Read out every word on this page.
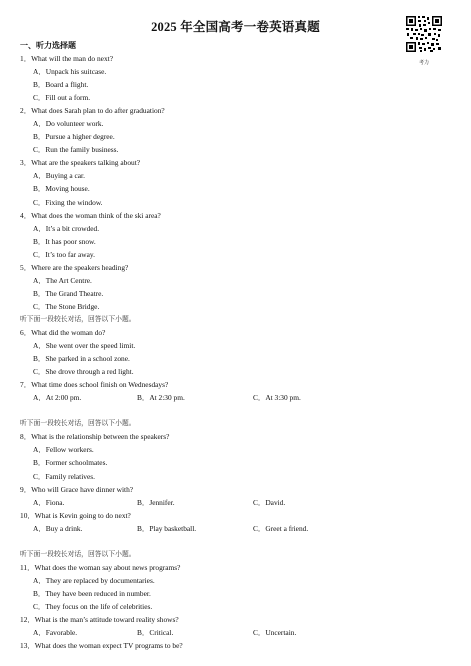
2025 年全国高考一卷英语真题
一、听力选择题
考力
1．What will the man do next?
A．Unpack his suitcase.
B．Board a flight.
C．Fill out a form.
2．What does Sarah plan to do after graduation?
A．Do volunteer work.
B．Pursue a higher degree.
C．Run the family business.
3．What are the speakers talking about?
A．Buying a car.
B．Moving house.
C．Fixing the window.
4．What does the woman think of the ski area?
A．It’s a bit crowded.
B．It has poor snow.
C．It’s too far away.
5．Where are the speakers heading?
A．The Art Centre.
B．The Grand Theatre.
C．The Stone Bridge.
听下面一段较长对话，回答以下小题。
6．What did the woman do?
A．She went over the speed limit.
B．She parked in a school zone.
C．She drove through a red light.
7．What time does school finish on Wednesdays?
A．At 2:00 pm.	B．At 2:30 pm.	C．At 3:30 pm.
听下面一段较长对话，回答以下小题。
8．What is the relationship between the speakers?
A．Fellow workers.
B．Former schoolmates.
C．Family relatives.
9．Who will Grace have dinner with?
A．Fiona.	B．Jennifer.	C．David.
10．What is Kevin going to do next?
A．Buy a drink.	B．Play basketball.	C．Greet a friend.
听下面一段较长对话，回答以下小题。
11．What does the woman say about news programs?
A．They are replaced by documentaries.
B．They have been reduced in number.
C．They focus on the life of celebrities.
12．What is the man’s attitude toward reality shows?
A．Favorable.	B．Critical.	C．Uncertain.
13．What does the woman expect TV programs to be?
